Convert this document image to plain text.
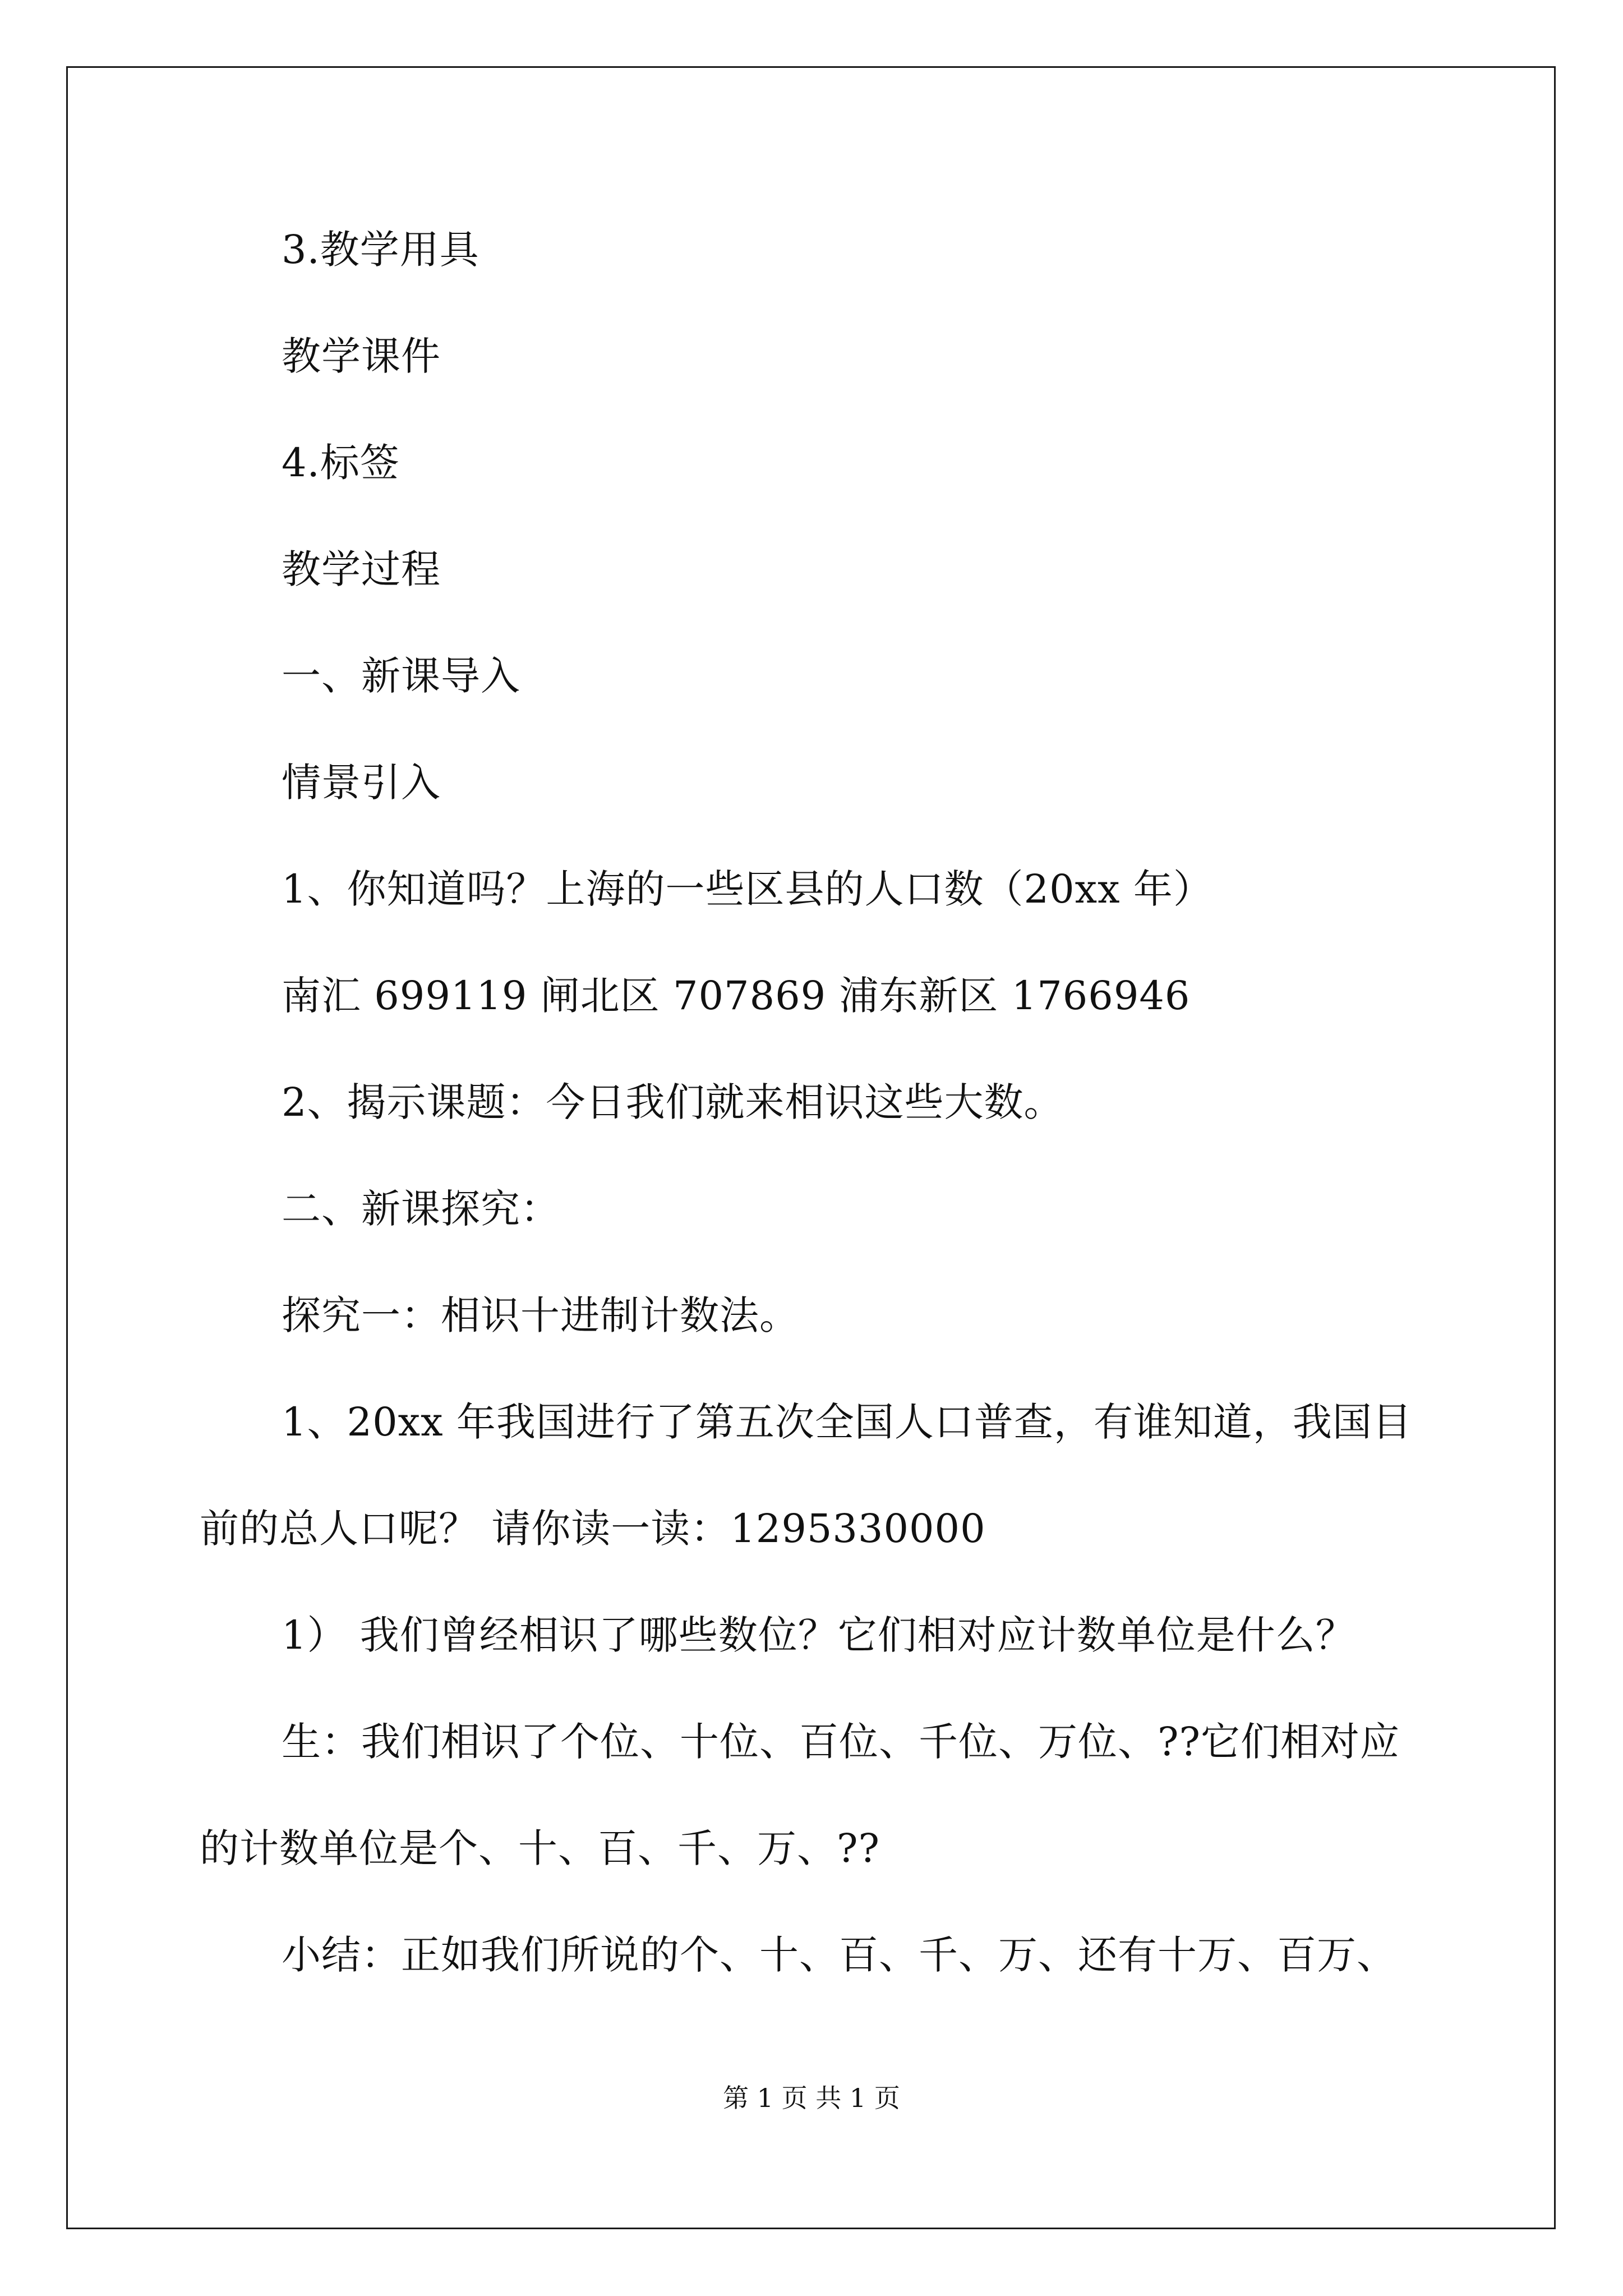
3.教学用具
教学课件
4.标签
教学过程
一、新课导入
情景引入
1、你知道吗？上海的一些区县的人口数（20xx 年）
南汇 699119 闸北区 707869 浦东新区 1766946
2、揭示课题：今日我们就来相识这些大数。
二、新课探究：
探究一：相识十进制计数法。
1、20xx 年我国进行了第五次全国人口普查，有谁知道，我国目
前的总人口呢？ 请你读一读：1295330000
1） 我们曾经相识了哪些数位？它们相对应计数单位是什么？
生：我们相识了个位、十位、百位、千位、万位、??它们相对应
的计数单位是个、十、百、千、万、??
小结：正如我们所说的个、十、百、千、万、还有十万、百万、
第 1 页 共 1 页
